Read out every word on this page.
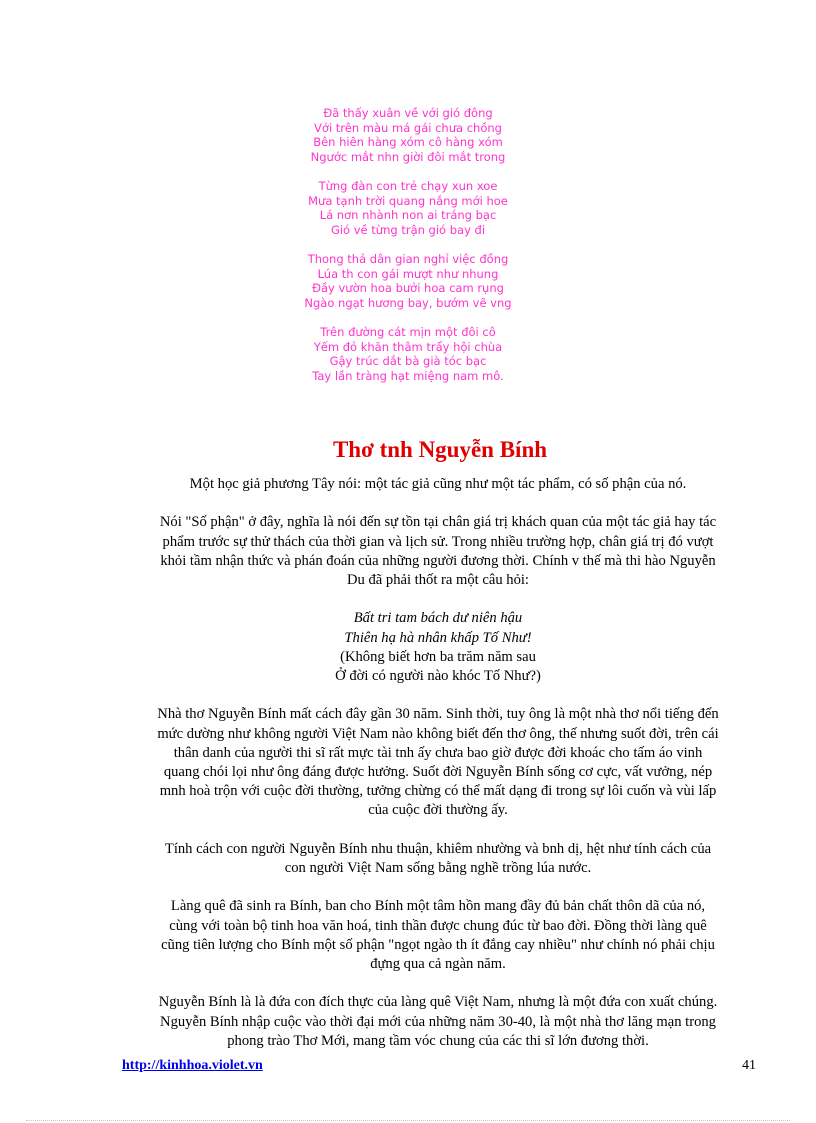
Đã thấy xuân về với gió đông
Với trên màu má gái chưa chồng
Bên hiên hàng xóm cô hàng xóm
Ngước mắt nhn giời đôi mắt trong
Từng đàn con trẻ chạy xun xoe
Mưa tạnh trời quang nắng mới hoe
Lá nơn nhành non ai tráng bạc
Gió về từng trận gió bay đi
Thong thả dân gian nghỉ việc đồng
Lúa th con gái mượt như nhung
Đầy vườn hoa bưởi hoa cam rụng
Ngào ngạt hương bay, bướm vẽ vng
Trên đường cát mịn một đôi cô
Yếm đỏ khăn thâm trẩy hội chùa
Gậy trúc dắt bà già tóc bạc
Tay lần tràng hạt miệng nam mô.
Thơ tnh Nguyễn Bính
Một học giả phương Tây nói: một tác giả cũng như một tác phẩm, có số phận của nó.
Nói "Số phận" ở đây, nghĩa là nói đến sự tồn tại chân giá trị khách quan của một tác giả hay tác
phẩm trước sự thử thách của thời gian và lịch sử. Trong nhiều trường hợp, chân giá trị đó vượt
khỏi tầm nhận thức và phán đoán của những người đương thời. Chính v thế mà thi hào Nguyễn
Du đã phải thốt ra một câu hỏi:
Bất tri tam bách dư niên hậu
Thiên hạ hà nhân khấp Tố Như!
(Không biết hơn ba trăm năm sau
Ở đời có người nào khóc Tố Như?)
Nhà thơ Nguyễn Bính mất cách đây gần 30 năm. Sinh thời, tuy ông là một nhà thơ nổi tiếng đến
mức dường như không người Việt Nam nào không biết đến thơ ông, thế nhưng suốt đời, trên cái
thân danh của người thi sĩ rất mực tài tnh ấy chưa bao giờ được đời khoác cho tấm áo vinh
quang chói lọi như ông đáng được hưởng. Suốt đời Nguyễn Bính sống cơ cực, vất vưởng, nép
mnh hoà trộn với cuộc đời thường, tưởng chừng có thể mất dạng đi trong sự lôi cuốn và vùi lấp
của cuộc đời thường ấy.
Tính cách con người Nguyễn Bính nhu thuận, khiêm nhường và bnh dị, hệt như tính cách của
con người Việt Nam sống bằng nghề trồng lúa nước.
Làng quê đã sinh ra Bính, ban cho Bính một tâm hồn mang đầy đủ bản chất thôn dã của nó,
cùng với toàn bộ tinh hoa văn hoá, tinh thần được chung đúc từ bao đời. Đồng thời làng quê
cũng tiên lượng cho Bính một số phận "ngọt ngào th ít đắng cay nhiều" như chính nó phải chịu
đựng qua cả ngàn năm.
Nguyễn Bính là là đứa con đích thực của làng quê Việt Nam, nhưng là một đứa con xuất chúng.
Nguyễn Bính nhập cuộc vào thời đại mới của những năm 30-40, là một nhà thơ lăng mạn trong
phong trào Thơ Mới, mang tầm vóc chung của các thi sĩ lớn đương thời.
http://kinhhoa.violet.vn	41
